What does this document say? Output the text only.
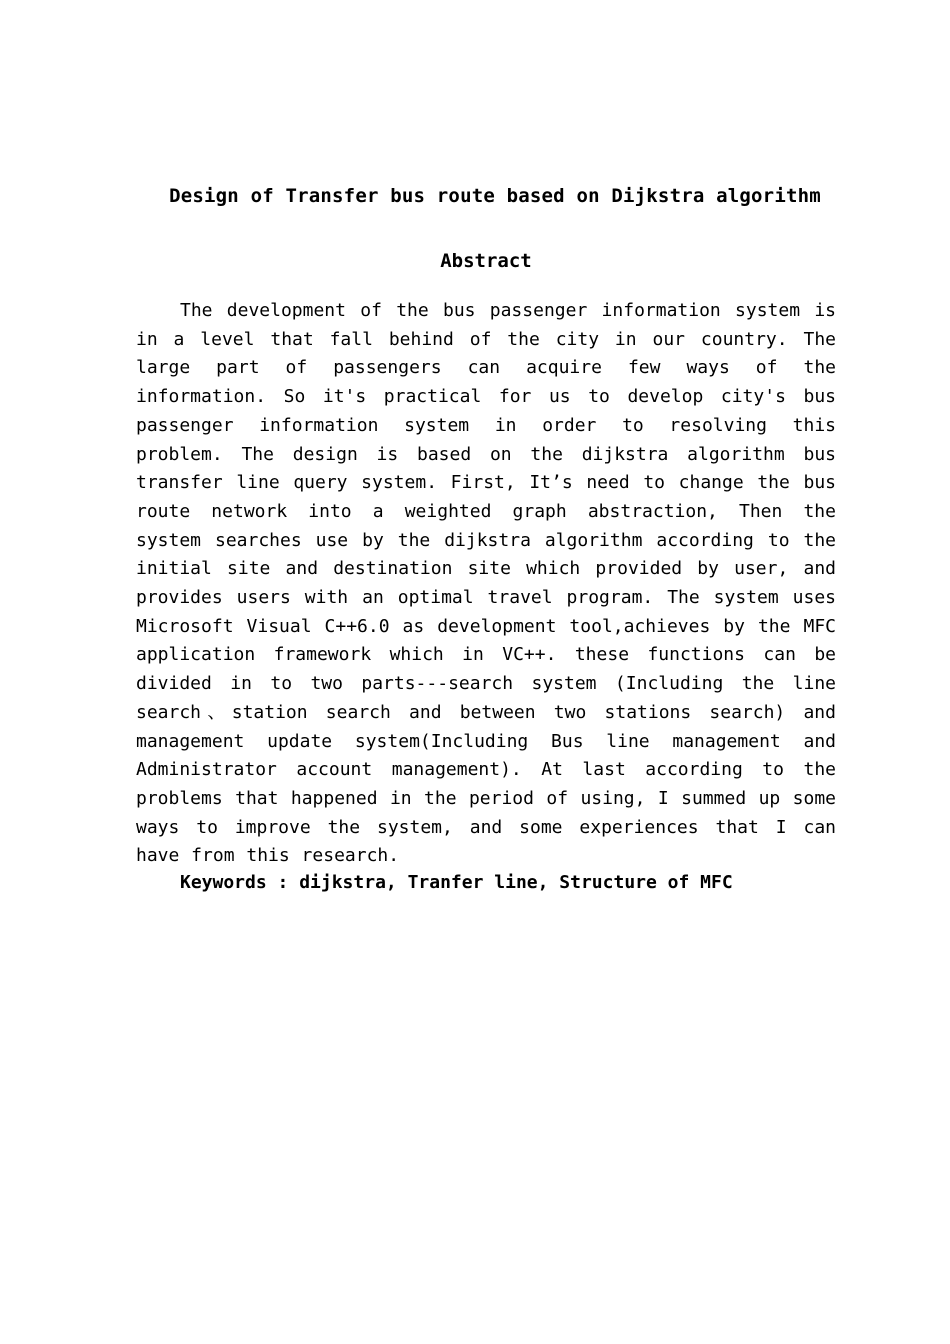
Design of Transfer bus route based on Dijkstra algorithm
Abstract

The development of the bus passenger information system is in a level that fall behind of the city in our country. The large part of passengers can acquire few ways of the information. So it's practical for us to develop city's bus passenger information system in order to resolving this problem. The design is based on the dijkstra algorithm bus transfer line query system. First, It’s need to change the bus route network into a weighted graph abstraction, Then the system searches use by the dijkstra algorithm according to the initial site and destination site which provided by user, and provides users with an optimal travel program. The system uses Microsoft Visual C++6.0 as development tool,achieves by the MFC application framework which in VC++. these functions can be divided in to two parts---search system (Including the line search、station search and between two stations search) and management update system(Including Bus line management and Administrator account management). At last according to the problems that happened in the period of using, I summed up some ways to improve the system, and some experiences that I can have from this research.

Keywords : dijkstra, Tranfer line, Structure of MFC
